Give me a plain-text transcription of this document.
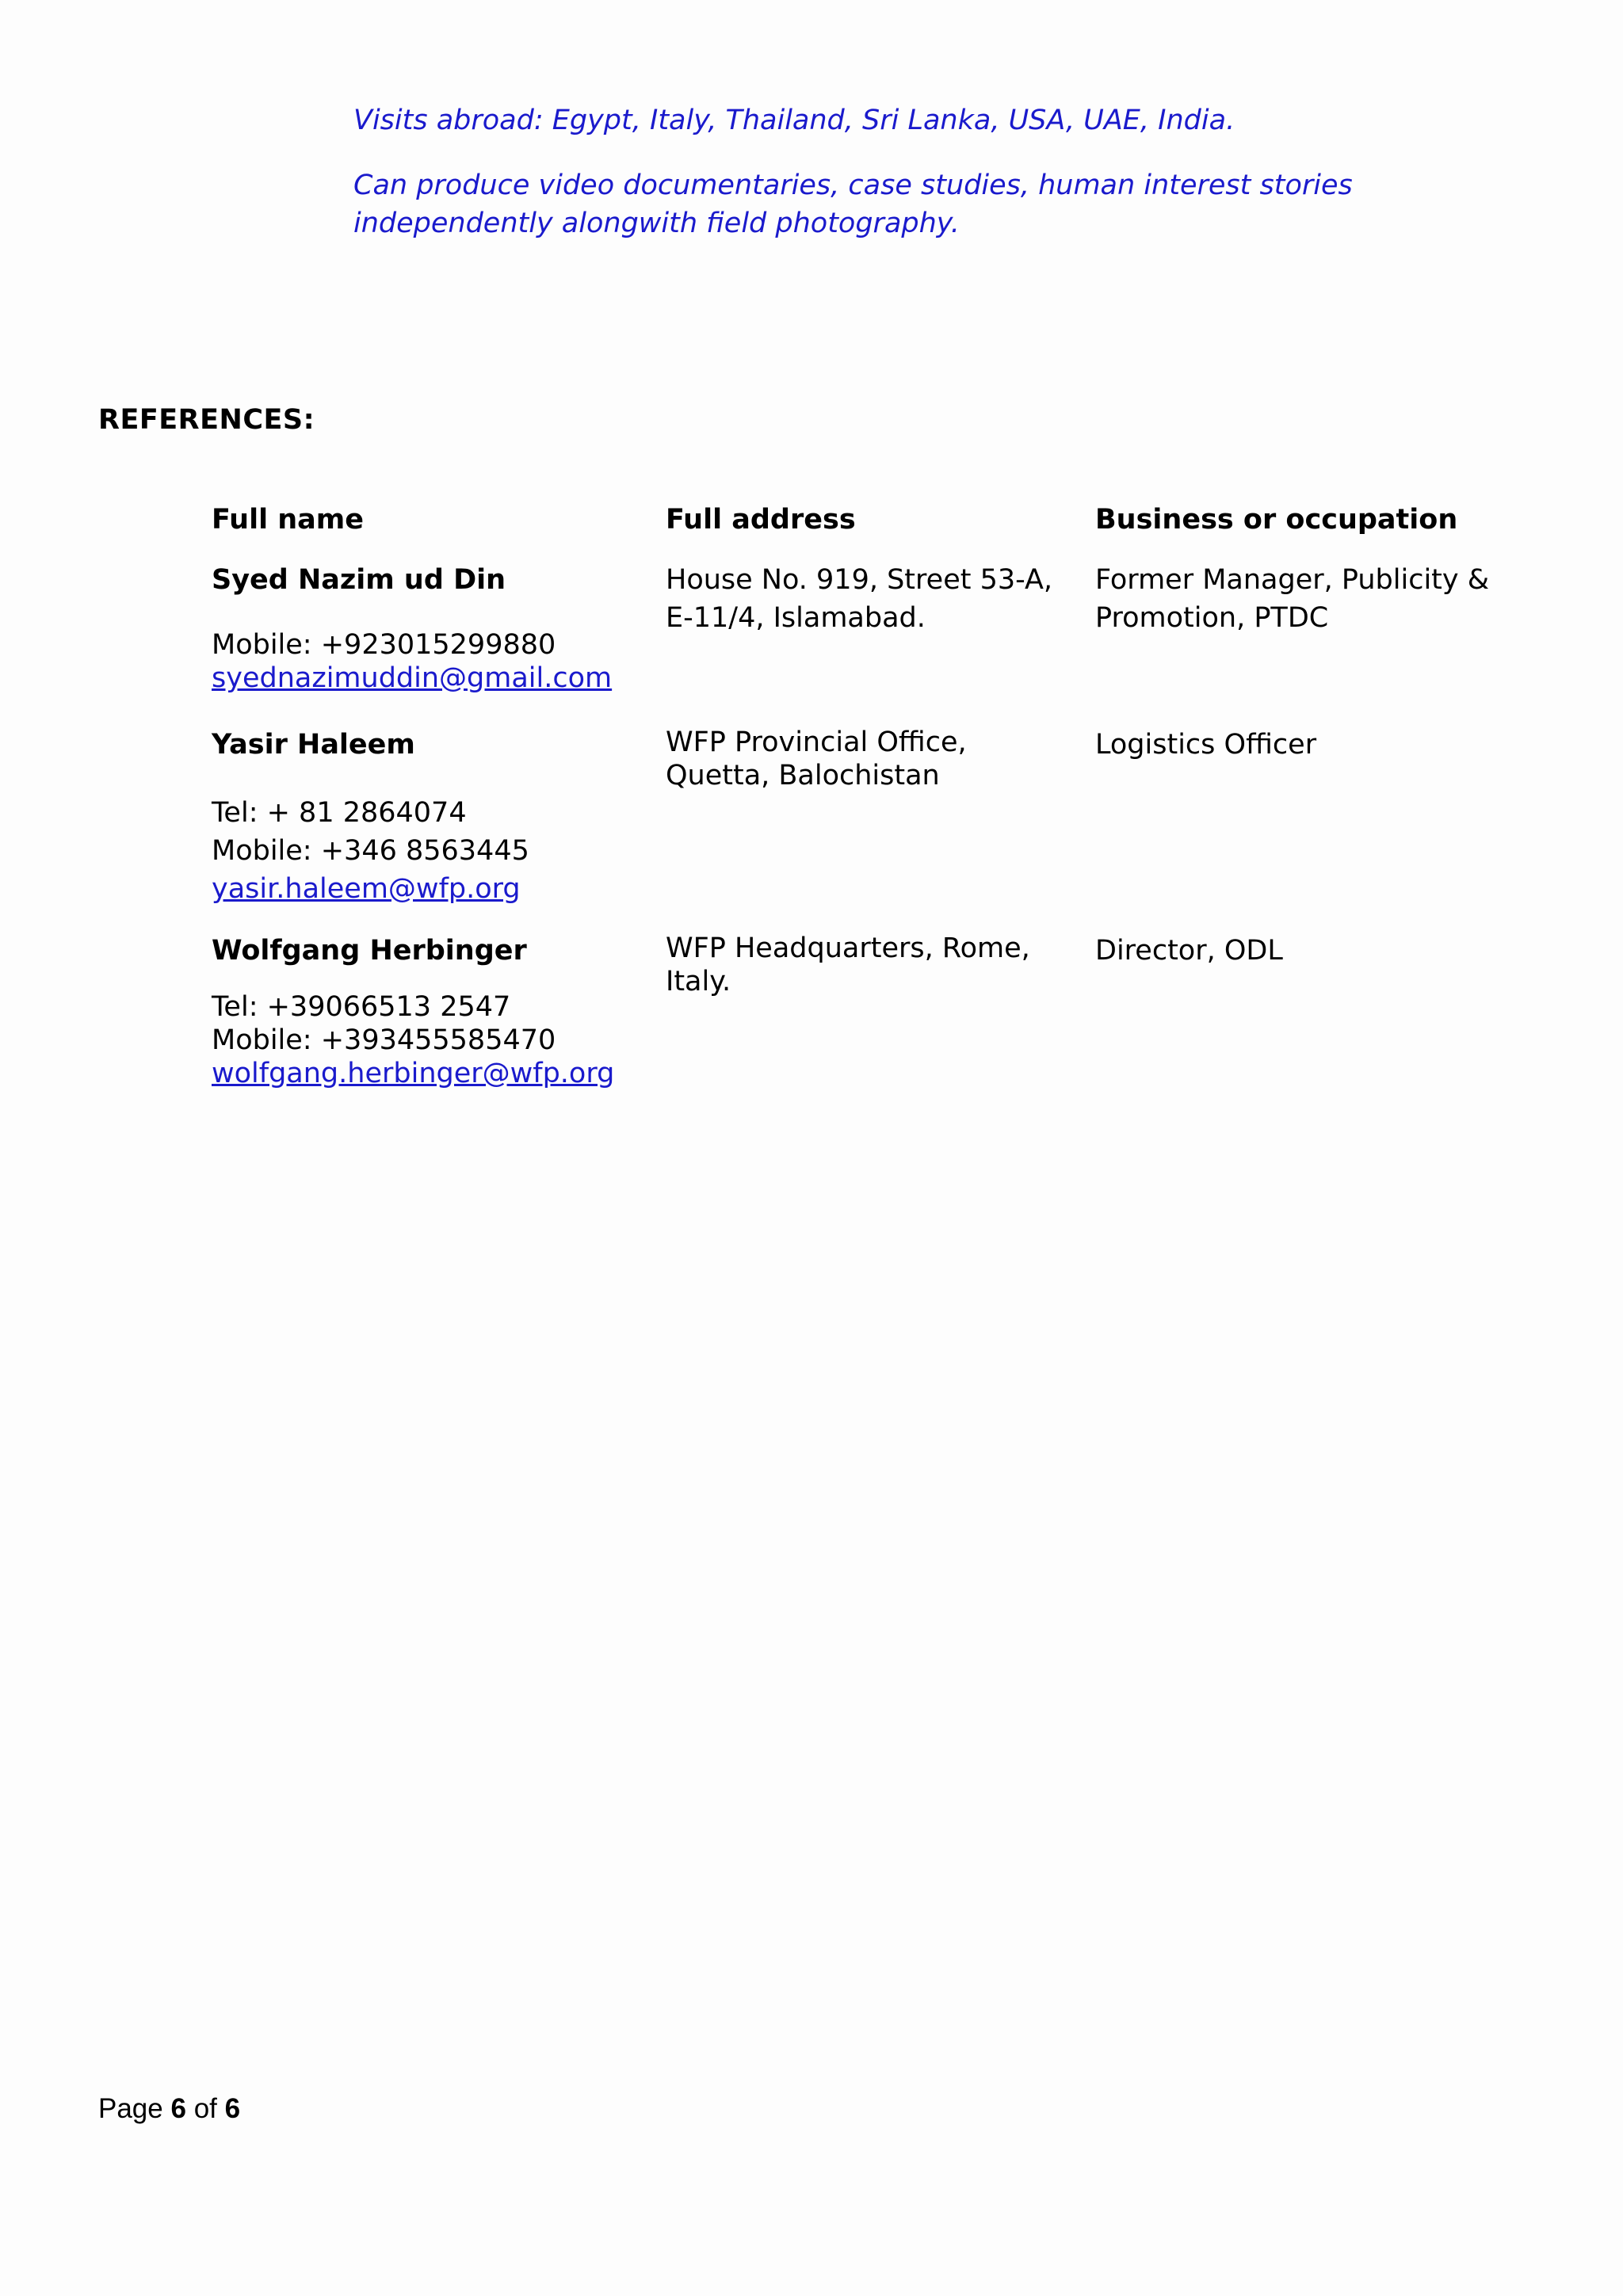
Visits abroad: Egypt, Italy, Thailand, Sri Lanka, USA, UAE, India.

Can produce video documentaries, case studies, human interest stories independently alongwith field photography.

REFERENCES:
Full name	Full address	Business or occupation
Syed Nazim ud Din
Mobile: +923015299880
syednazimuddin@gmail.com
House No. 919, Street 53-A, E-11/4, Islamabad.
Former Manager, Publicity & Promotion, PTDC
Yasir Haleem
Tel: + 81 2864074
Mobile: +346 8563445
yasir.haleem@wfp.org
WFP Provincial Office, Quetta, Balochistan
Logistics Officer
Wolfgang Herbinger
Tel: +39066513 2547
Mobile: +393455585470
wolfgang.herbinger@wfp.org
WFP Headquarters, Rome, Italy.
Director, ODL
Page 6 of 6
